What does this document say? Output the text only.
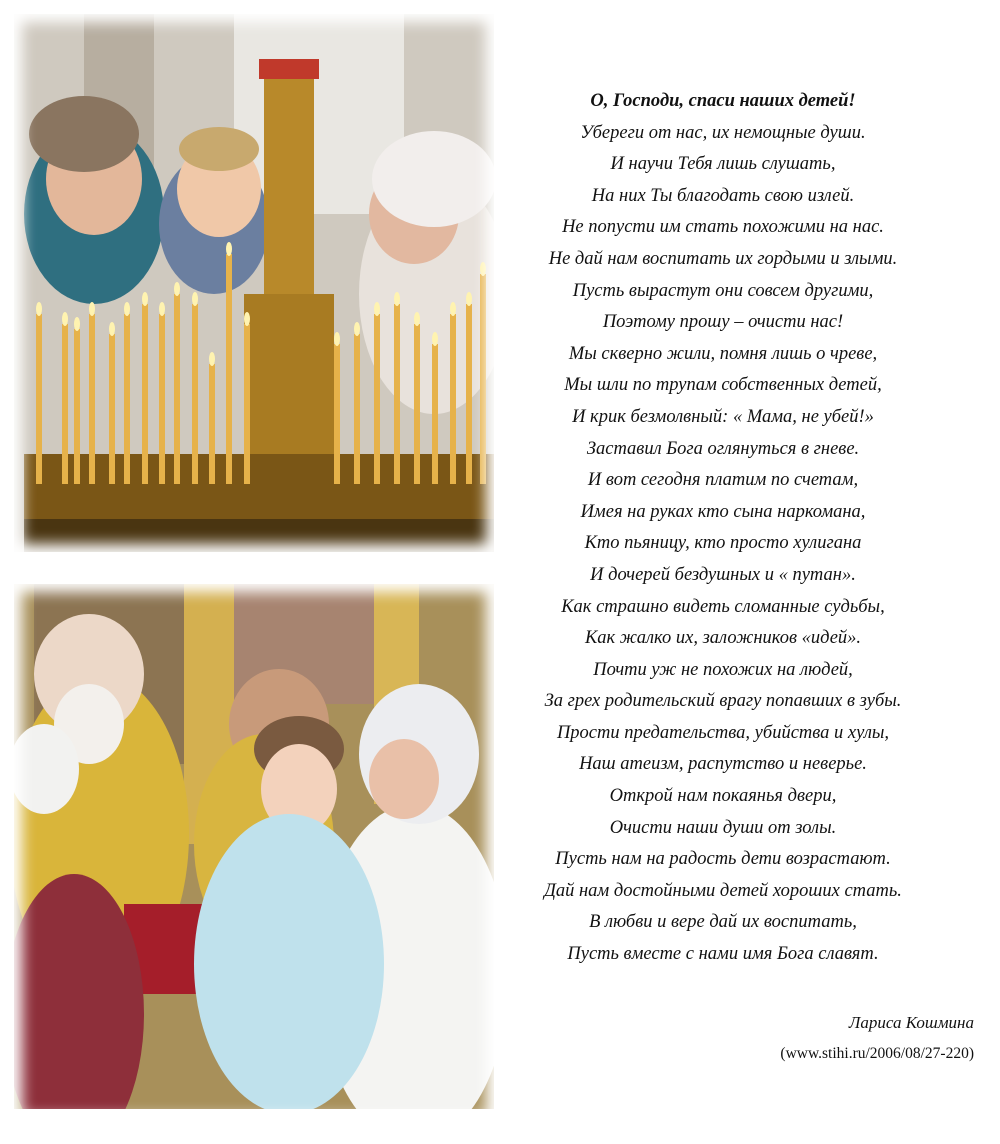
О, Господи, спаси наших детей!
Убереги от нас, их немощные души.
И научи Тебя лишь слушать,
На них Ты благодать свою излей.
Не попусти им стать похожими на нас.
Не дай нам воспитать их гордыми и злыми.
Пусть вырастут они совсем другими,
Поэтому прошу – очисти нас!
Мы скверно жили, помня лишь о чреве,
Мы шли по трупам собственных детей,
И крик безмолвный: « Мама, не убей!»
Заставил Бога оглянуться в гневе.
И вот сегодня платим по счетам,
Имея на руках кто сына наркомана,
Кто пьяницу, кто просто хулигана
И дочерей бездушных и « путан».
Как страшно видеть сломанные судьбы,
Как жалко их, заложников «идей».
Почти уж не похожих на людей,
За грех родительский врагу попавших в зубы.
Прости предательства, убийства и хулы,
Наш атеизм, распутство и неверье.
Открой нам покаянья двери,
Очисти наши души от золы.
Пусть нам на радость дети возрастают.
Дай нам достойными детей хороших стать.
В любви и вере дай их воспитать,
Пусть вместе с нами имя Бога славят.
Лариса Кошмина
(www.stihi.ru/2006/08/27-220)
